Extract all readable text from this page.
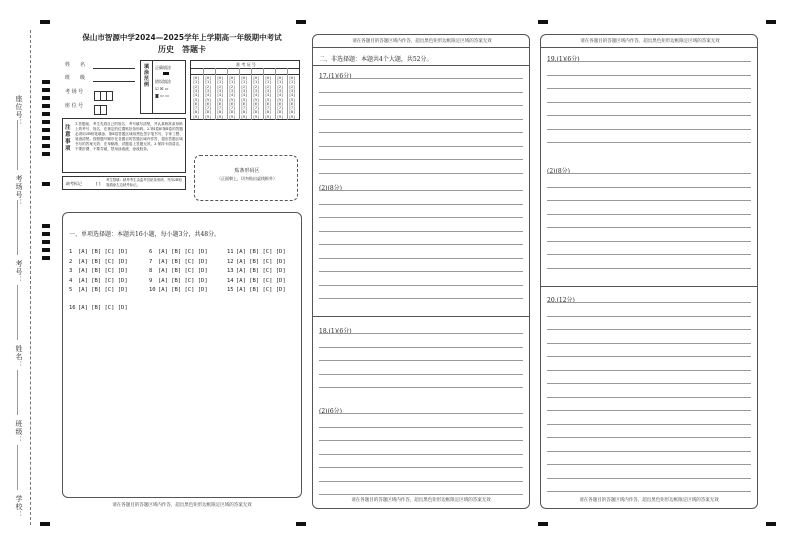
座位号：
考场号：
考号：
姓名：
班级：
学校：
保山市智源中学2024—2025学年上学期高一年级期中考试
历史　答题卡
姓　　名
班　　级
考 场 号
座 位 号
填涂范例
正确填涂
错误填涂
☑ ☒ ▭
◙ ▭ ▭
准 考 证 号
[0]
[1]
[2]
[3]
[4]
[5]
[6]
[7]
[8]
[9]
[0]
[1]
[2]
[3]
[4]
[5]
[6]
[7]
[8]
[9]
[0]
[1]
[2]
[3]
[4]
[5]
[6]
[7]
[8]
[9]
[0]
[1]
[2]
[3]
[4]
[5]
[6]
[7]
[8]
[9]
[0]
[1]
[2]
[3]
[4]
[5]
[6]
[7]
[8]
[9]
[0]
[1]
[2]
[3]
[4]
[5]
[6]
[7]
[8]
[9]
[0]
[1]
[2]
[3]
[4]
[5]
[6]
[7]
[8]
[9]
[0]
[1]
[2]
[3]
[4]
[5]
[6]
[7]
[8]
[9]
[0]
[1]
[2]
[3]
[4]
[5]
[6]
[7]
[8]
[9]
注意事项
1.答题前，考生先将自己的姓名、考号填写清楚，并认真核准条形码上的考号、姓名，在规定的位置贴好条形码。2.第Ⅰ卷和第Ⅱ卷的答题必须用2B铅笔填涂，第Ⅱ卷答题区域用黑色签字笔书写，字体工整、笔迹清楚。按照题号顺序在各题目的答题区域内作答，超出答题区域书写的答案无效；在草稿纸、试题卷上答题无效。3.保持卡面清洁，不要折叠、不要弄破，禁用涂改液、涂改胶条。
缺考标记	[ ]
考生禁填：缺考考生由监考员贴条形码，并用2B铅笔填涂左边缺考标记。
贴条形码区
（正面朝上，切勿贴出虚线框外）
一、单项选择题：本题共16小题，每小题3分，共48分。
1 [A] [B] [C] [D]
2 [A] [B] [C] [D]
3 [A] [B] [C] [D]
4 [A] [B] [C] [D]
5 [A] [B] [C] [D]
6 [A] [B] [C] [D]
7 [A] [B] [C] [D]
8 [A] [B] [C] [D]
9 [A] [B] [C] [D]
10 [A] [B] [C] [D]
11 [A] [B] [C] [D]
12 [A] [B] [C] [D]
13 [A] [B] [C] [D]
14 [A] [B] [C] [D]
15 [A] [B] [C] [D]
16 [A] [B] [C] [D]
请在各题目的答题区域内作答，超出黑色矩形边框限定区域的答案无效
请在各题目的答题区域内作答，超出黑色矩形边框限定区域的答案无效
二、非选择题：本题共4个大题，共52分。
17.(1)(6分)
(2)(8分)
18.(1)(6分)
(2)(6分)
请在各题目的答题区域内作答，超出黑色矩形边框限定区域的答案无效
请在各题目的答题区域内作答，超出黑色矩形边框限定区域的答案无效
19.(1)(6分)
(2)(8分)
20.(12分)
请在各题目的答题区域内作答，超出黑色矩形边框限定区域的答案无效
